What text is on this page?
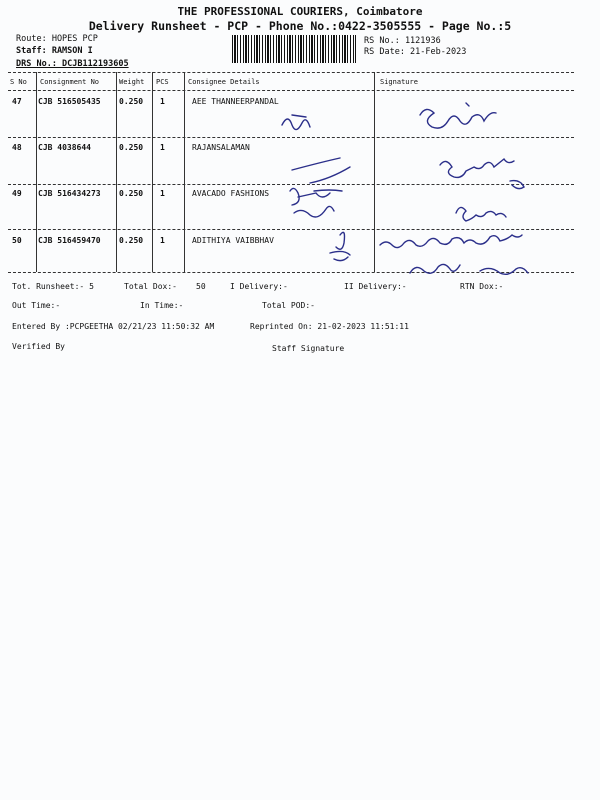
THE PROFESSIONAL COURIERS, Coimbatore
Delivery Runsheet - PCP - Phone No.:0422-3505555 - Page No.:5
Route: HOPES PCP
Staff: RAMSON I
DRS No.: DCJB112193605
RS No.: 1121936
RS Date: 21-Feb-2023
S No Consignment No	Weight PCS	Consignee Details	Signature
47 CJB 516505435 0.250 1	AEE THANNEERPANDAL
48 CJB 4038644	0.250 1	RAJANSALAMAN
49 CJB 516434273 0.250 1	AVACADO FASHIONS
50 CJB 516459470 0.250 1	ADITHIYA VAIBBHAV
Tot. Runsheet:- 5	Total Dox:- 50	I Delivery:-	II Delivery:-	RTN Dox:-
Out Time:-	In Time:-	Total POD:-
Entered By :PCPGEETHA 02/21/23 11:50:32 AM	Reprinted On: 21-02-2023 11:51:11
Verified By	Staff Signature
